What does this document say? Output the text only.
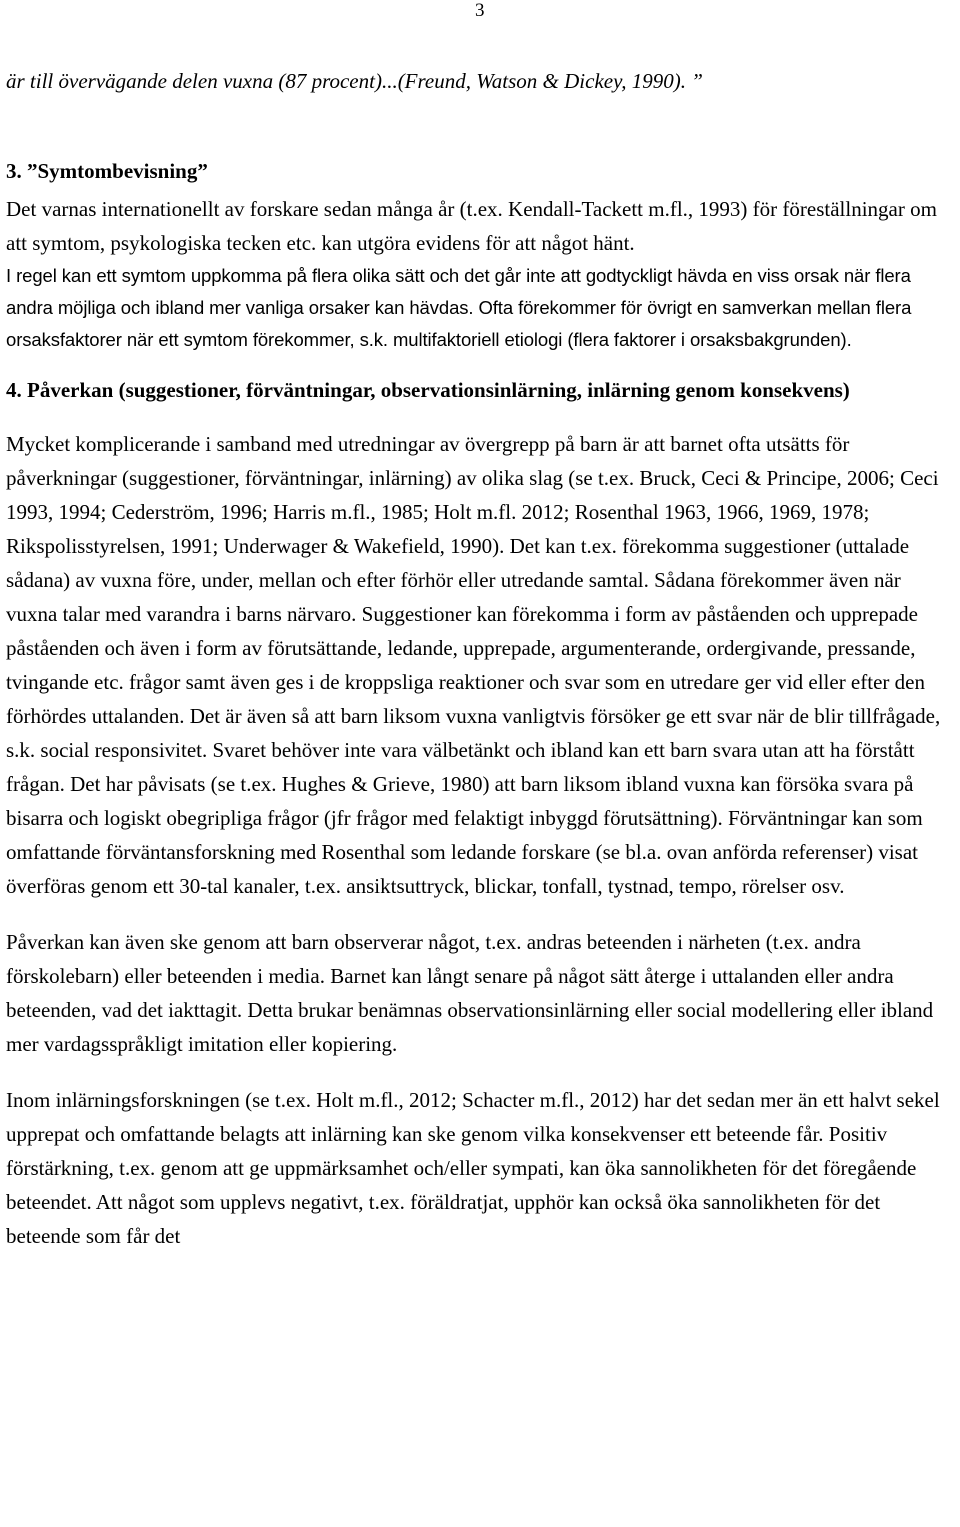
3

är till övervägande delen vuxna (87 procent)...(Freund, Watson & Dickey, 1990). ”

3. ”Symtombevisning”

Det varnas internationellt av forskare sedan många år (t.ex. Kendall-Tackett m.fl., 1993) för föreställningar om att symtom, psykologiska tecken etc. kan utgöra evidens för att något hänt.

I regel kan ett symtom uppkomma på flera olika sätt och det går inte att godtyckligt hävda en viss orsak när flera andra möjliga och ibland mer vanliga orsaker kan hävdas. Ofta förekommer för övrigt en samverkan mellan flera orsaksfaktorer när ett symtom förekommer, s.k. multifaktoriell etiologi (flera faktorer i orsaksbakgrunden).

4. Påverkan (suggestioner, förväntningar, observationsinlärning, inlärning genom konsekvens)

Mycket komplicerande i samband med utredningar av övergrepp på barn är att barnet ofta utsätts för påverkningar (suggestioner, förväntningar, inlärning) av olika slag (se t.ex. Bruck, Ceci & Principe, 2006; Ceci 1993, 1994; Cederström, 1996; Harris m.fl., 1985; Holt m.fl. 2012; Rosenthal 1963, 1966, 1969, 1978; Rikspolisstyrelsen, 1991; Underwager & Wakefield, 1990). Det kan t.ex. förekomma suggestioner (uttalade sådana) av vuxna före, under, mellan och efter förhör eller utredande samtal. Sådana förekommer även när vuxna talar med varandra i barns närvaro. Suggestioner kan förekomma i form av påståenden och upprepade påståenden och även i form av förutsättande, ledande, upprepade, argumenterande, ordergivande, pressande, tvingande etc. frågor samt även ges i de kroppsliga reaktioner och svar som en utredare ger vid eller efter den förhördes uttalanden. Det är även så att barn liksom vuxna vanligtvis försöker ge ett svar när de blir tillfrågade, s.k. social responsivitet. Svaret behöver inte vara välbetänkt och ibland kan ett barn svara utan att ha förstått frågan. Det har påvisats (se t.ex. Hughes & Grieve, 1980) att barn liksom ibland vuxna kan försöka svara på bisarra och logiskt obegripliga frågor (jfr frågor med felaktigt inbyggd förutsättning). Förväntningar kan som omfattande förväntansforskning med Rosenthal som ledande forskare (se bl.a. ovan anförda referenser) visat överföras genom ett 30-tal kanaler, t.ex. ansiktsuttryck, blickar, tonfall, tystnad, tempo, rörelser osv.

Påverkan kan även ske genom att barn observerar något, t.ex. andras beteenden i närheten (t.ex. andra förskolebarn) eller beteenden i media. Barnet kan långt senare på något sätt återge i uttalanden eller andra beteenden, vad det iakttagit. Detta brukar benämnas observationsinlärning eller social modellering eller ibland mer vardagsspråkligt imitation eller kopiering.

Inom inlärningsforskningen (se t.ex. Holt m.fl., 2012; Schacter m.fl., 2012) har det sedan mer än ett halvt sekel upprepat och omfattande belagts att inlärning kan ske genom vilka konsekvenser ett beteende får. Positiv förstärkning, t.ex. genom att ge uppmärksamhet och/eller sympati, kan öka sannolikheten för det föregående beteendet. Att något som upplevs negativt, t.ex. föräldratjat, upphör kan också öka sannolikheten för det beteende som får det
